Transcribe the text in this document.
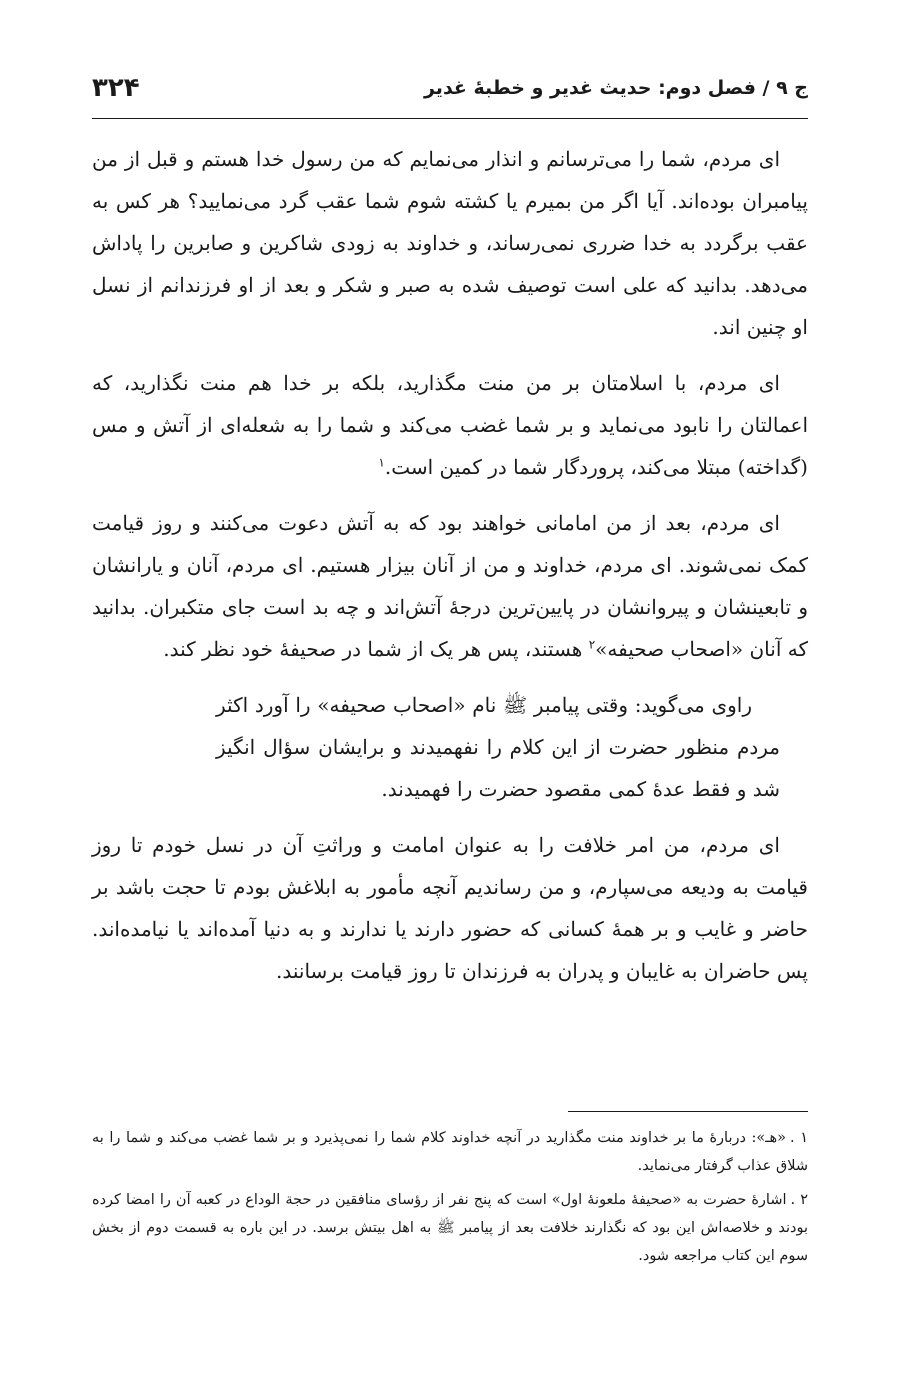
ج ۹ / فصل دوم: حدیث غدیر و خطبهٔ غدیر
۳۲۴

ای مردم، شما را می‌ترسانم و انذار می‌نمایم که من رسول خدا هستم و قبل از من پیامبران بوده‌اند. آیا اگر من بمیرم یا کشته شوم شما عقب گرد می‌نمایید؟ هر کس به عقب برگردد به خدا ضرری نمی‌رساند، و خداوند به زودی شاکرین و صابرین را پاداش می‌دهد. بدانید که علی است توصیف شده به صبر و شکر و بعد از او فرزندانم از نسل او چنین اند.

ای مردم، با اسلامتان بر من منت مگذارید، بلکه بر خدا هم منت نگذارید، که اعمالتان را نابود می‌نماید و بر شما غضب می‌کند و شما را به شعله‌ای از آتش و مس (گداخته) مبتلا می‌کند، پروردگار شما در کمین است.$^۱$

ای مردم، بعد از من امامانی خواهند بود که به آتش دعوت می‌کنند و روز قیامت کمک نمی‌شوند. ای مردم، خداوند و من از آنان بیزار هستیم. ای مردم، آنان و یارانشان و تابعینشان و پیروانشان در پایین‌ترین درجهٔ آتش‌اند و چه بد است جای متکبران. بدانید که آنان «اصحاب صحیفه»$^۲$ هستند، پس هر یک از شما در صحیفهٔ خود نظر کند.

راوی می‌گوید: وقتی پیامبر ﷺ نام «اصحاب صحیفه» را آورد اکثر مردم منظور حضرت از این کلام را نفهمیدند و برایشان سؤال انگیز شد و فقط عدهٔ کمی مقصود حضرت را فهمیدند.

ای مردم، من امر خلافت را به عنوان امامت و وراثتِ آن در نسل خودم تا روز قیامت به ودیعه می‌سپارم، و من رساندیم آنچه مأمور به ابلاغش بودم تا حجت باشد بر حاضر و غایب و بر همهٔ کسانی که حضور دارند یا ندارند و به دنیا آمده‌اند یا نیامده‌اند. پس حاضران به غایبان و پدران به فرزندان تا روز قیامت برسانند.

۱ .«هـ»: دربارهٔ ما بر خداوند منت مگذارید در آنچه خداوند کلام شما را نمی‌پذیرد و بر شما غضب می‌کند و شما را به شلاق عذاب گرفتار می‌نماید.

۲ .اشارهٔ حضرت به «صحیفهٔ ملعونهٔ اول» است که پنج نفر از رؤسای منافقین در حجة الوداع در کعبه آن را امضا کرده بودند و خلاصه‌اش این بود که نگذارند خلافت بعد از پیامبر ﷺ به اهل بیتش برسد. در این باره به قسمت دوم از بخش سوم این کتاب مراجعه شود.
